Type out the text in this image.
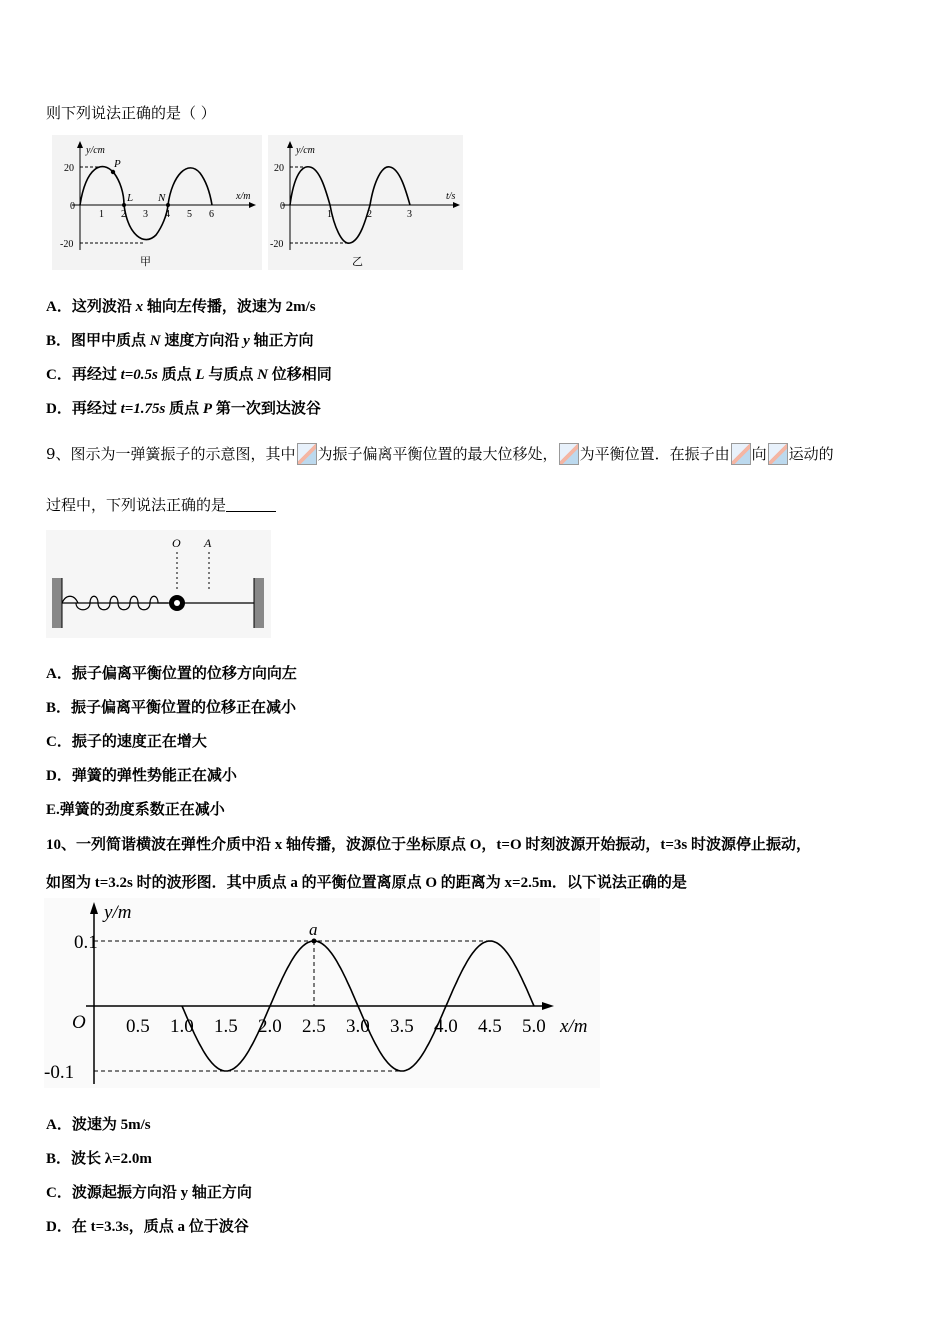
则下列说法正确的是（ ）
P
L N
y/cm
x/m
20
0
-20
1 2 3 4 5 6
甲
y/cm
t/s
20
0
-20
1	2	3
乙
A．这列波沿 x 轴向左传播，波速为 2m/s
B．图甲中质点 N 速度方向沿 y 轴正方向
C．再经过 t=0.5s 质点 L 与质点 N 位移相同
D．再经过 t=1.75s 质点 P 第一次到达波谷
9、图示为一弹簧振子的示意图，其中 为振子偏离平衡位置的最大位移处， 为平衡位置．在振子由 向 运动的
过程中，下列说法正确的是
O A
A．振子偏离平衡位置的位移方向向左
B．振子偏离平衡位置的位移正在减小
C．振子的速度正在增大
D．弹簧的弹性势能正在减小
E.弹簧的劲度系数正在减小
10、一列简谐横波在弹性介质中沿 x 轴传播，波源位于坐标原点 O，t=O 时刻波源开始振动，t=3s 时波源停止振动，
如图为 t=3.2s 时的波形图．其中质点 a 的平衡位置离原点 O 的距离为 x=2.5m．以下说法正确的是
a
0.5 1.0 1.5 2.0 2.5 3.0 3.5 4.0 4.5 5.0
0.1
-0.1
O
y/m
x/m
A．波速为 5m/s
B．波长 λ=2.0m
C．波源起振方向沿 y 轴正方向
D．在 t=3.3s，质点 a 位于波谷
